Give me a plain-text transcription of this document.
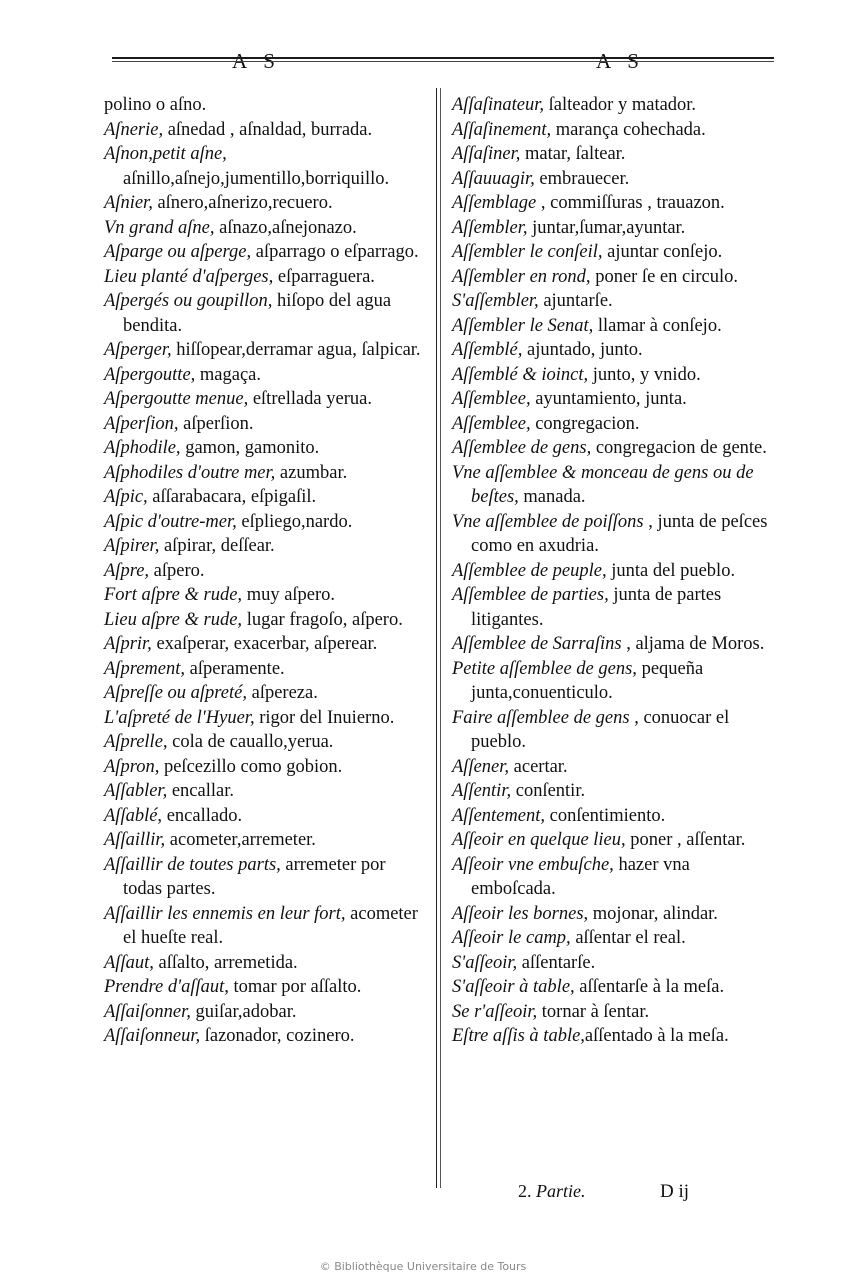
polino o aſno.

Aſnerie, aſnedad , aſnaldad, burrada.

Aſnon,petit aſne, aſnillo,aſnejo,jumentillo,borriquillo.

Aſnier, aſnero,aſnerizo,recuero.

Vn grand aſne, aſnazo,aſnejonazo.

Aſparge ou aſperge, aſparrago o eſparrago.

Lieu planté d'aſperges, eſparraguera.

Aſpergés ou goupillon, hiſopo del agua bendita.

Aſperger, hiſſopear,derramar agua, ſalpicar.

Aſpergoutte, magaça.

Aſpergoutte menue, eſtrellada yerua.

Aſperſion, aſperſion.

Aſphodile, gamon, gamonito.

Aſphodiles d'outre mer, azumbar.

Aſpic, aſſarabacara, eſpigaſil.

Aſpic d'outre-mer, eſpliego,nardo.

Aſpirer, aſpirar, deſſear.

Aſpre, aſpero.

Fort aſpre & rude, muy aſpero.

Lieu aſpre & rude, lugar fragoſo, aſpero.

Aſprir, exaſperar, exacerbar, aſperear.

Aſprement, aſperamente.

Aſpreſſe ou aſpreté, aſpereza.

L'aſpreté de l'Hyuer, rigor del Inuierno.

Aſprelle, cola de cauallo,yerua.

Aſpron, peſcezillo como gobion.

Aſſabler, encallar.

Aſſablé, encallado.

Aſſaillir, acometer,arremeter.

Aſſaillir de toutes parts, arremeter por todas partes.

Aſſaillir les ennemis en leur fort, acometer el hueſte real.

Aſſaut, aſſalto, arremetida.

Prendre d'aſſaut, tomar por aſſalto.

Aſſaiſonner, guiſar,adobar.

Aſſaiſonneur, ſazonador, cozinero.

Aſſaſinateur, ſalteador y matador.

Aſſaſinement, marança cohechada.

Aſſaſiner, matar, ſaltear.

Aſſauuagir, embrauecer.

Aſſemblage , commiſſuras , trauazon.

Aſſembler, juntar,ſumar,ayuntar.

Aſſembler le conſeil, ajuntar conſejo.

Aſſembler en rond, poner ſe en circulo.

S'aſſembler, ajuntarſe.

Aſſembler le Senat, llamar à conſejo.

Aſſemblé, ajuntado, junto.

Aſſemblé & ioinct, junto, y vnido.

Aſſemblee, ayuntamiento, junta.

Aſſemblee, congregacion.

Aſſemblee de gens, congregacion de gente.

Vne aſſemblee & monceau de gens ou de beſtes, manada.

Vne aſſemblee de poiſſons , junta de peſces como en axudria.

Aſſemblee de peuple, junta del pueblo.

Aſſemblee de parties, junta de partes litigantes.

Aſſemblee de Sarraſins , aljama de Moros.

Petite aſſemblee de gens, pequeña junta,conuenticulo.

Faire aſſemblee de gens , conuocar el pueblo.

Aſſener, acertar.

Aſſentir, conſentir.

Aſſentement, conſentimiento.

Aſſeoir en quelque lieu, poner , aſſentar.

Aſſeoir vne embuſche, hazer vna emboſcada.

Aſſeoir les bornes, mojonar, alindar.

Aſſeoir le camp, aſſentar el real.

S'aſſeoir, aſſentarſe.

S'aſſeoir à table, aſſentarſe à la meſa.

Se r'aſſeoir, tornar à ſentar.

Eſtre aſſis à table,aſſentado à la meſa.

2. Partie.	D ij
© Bibliothèque Universitaire de Tours
